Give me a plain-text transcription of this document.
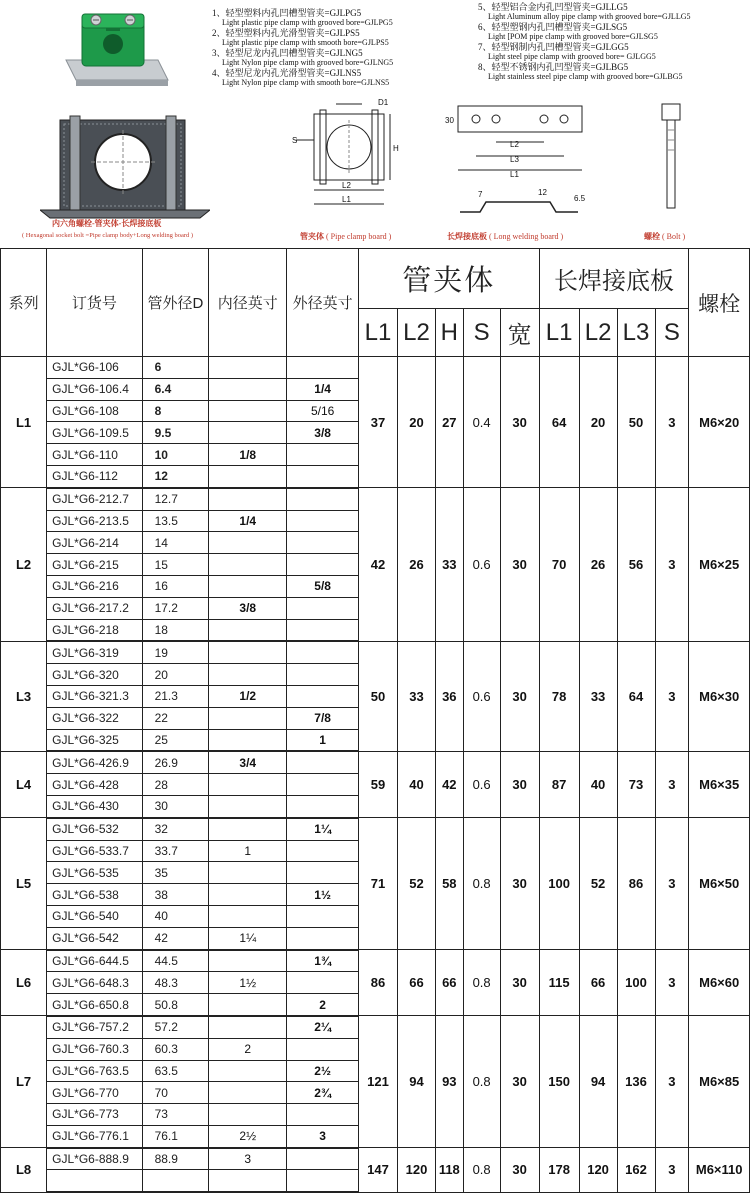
1、轻型塑料内孔凹槽型管夹=GJLPG5
Light plastic pipe clamp with grooved bore=GJLPG5
2、轻型塑料内孔光滑型管夹=GJLPS5
Light plastic pipe clamp with smooth bore=GJLPS5
3、轻型尼龙内孔凹槽型管夹=GJLNG5
Light Nylon pipe clamp with grooved bore=GJLNG5
4、轻型尼龙内孔光滑型管夹=GJLNS5
Light Nylon pipe clamp with smooth bore=GJLNS5
5、轻型铝合金内孔凹型管夹=GJLLG5
Light Aluminum alloy pipe clamp with grooved bore=GJLLG5
6、轻型塑钢内孔凹槽型管夹=GJLSG5
Light [POM pipe clamp with grooved bore=GJLSG5
7、轻型钢制内孔凹槽型管夹=GJLGG5
Light steel pipe clamp with grooved bore= GJLGG5
8、轻型不锈钢内孔凹型管夹=GJLBG5
Light stainless steel pipe clamp with grooved bore=GJLBG5
内六角螺栓-管夹体-长焊接底板
( Hexagonal socket bolt =Pipe clamp body+Long welding board )
D1
S
H
L2
L1
管夹体 ( Pipe clamp board )
30
L2
L3
L1
7	12
6.5
长焊接底板 ( Long welding board )	螺栓 ( Bolt )
系列	订货号	管外径D	内径英寸	外径英寸	管夹体					长焊接底板				螺栓
					L1	L2	H	S	宽	L1	L2	L3	S	
L1	GJL*G6-106	6			37	20	27	0.4	30	64	20	50	3	M6×20
	GJL*G6-106.4	6.4		1/4										
	GJL*G6-108	8		5/16										
	GJL*G6-109.5	9.5		3/8										
	GJL*G6-110	10	1/8											
	GJL*G6-112	12												
L2	GJL*G6-212.7	12.7			42	26	33	0.6	30	70	26	56	3	M6×25
	GJL*G6-213.5	13.5	1/4											
	GJL*G6-214	14												
	GJL*G6-215	15												
	GJL*G6-216	16		5/8										
	GJL*G6-217.2	17.2	3/8											
	GJL*G6-218	18												
L3	GJL*G6-319	19			50	33	36	0.6	30	78	33	64	3	M6×30
	GJL*G6-320	20												
	GJL*G6-321.3	21.3	1/2											
	GJL*G6-322	22		7/8										
	GJL*G6-325	25		1										
L4	GJL*G6-426.9	26.9	3/4		59	40	42	0.6	30	87	40	73	3	M6×35
	GJL*G6-428	28												
	GJL*G6-430	30												
L5	GJL*G6-532	32		1¼	71	52	58	0.8	30	100	52	86	3	M6×50
	GJL*G6-533.7	33.7	1											
	GJL*G6-535	35												
	GJL*G6-538	38		1½										
	GJL*G6-540	40												
	GJL*G6-542	42	1¼											
L6	GJL*G6-644.5	44.5		1¾	86	66	66	0.8	30	115	66	100	3	M6×60
	GJL*G6-648.3	48.3	1½											
	GJL*G6-650.8	50.8		2										
L7	GJL*G6-757.2	57.2		2¼	121	94	93	0.8	30	150	94	136	3	M6×85
	GJL*G6-760.3	60.3	2											
	GJL*G6-763.5	63.5		2½										
	GJL*G6-770	70		2¾										
	GJL*G6-773	73												
	GJL*G6-776.1	76.1	2½	3										
L8	GJL*G6-888.9	88.9	3		147	120	118	0.8	30	178	120	162	3	M6×110
